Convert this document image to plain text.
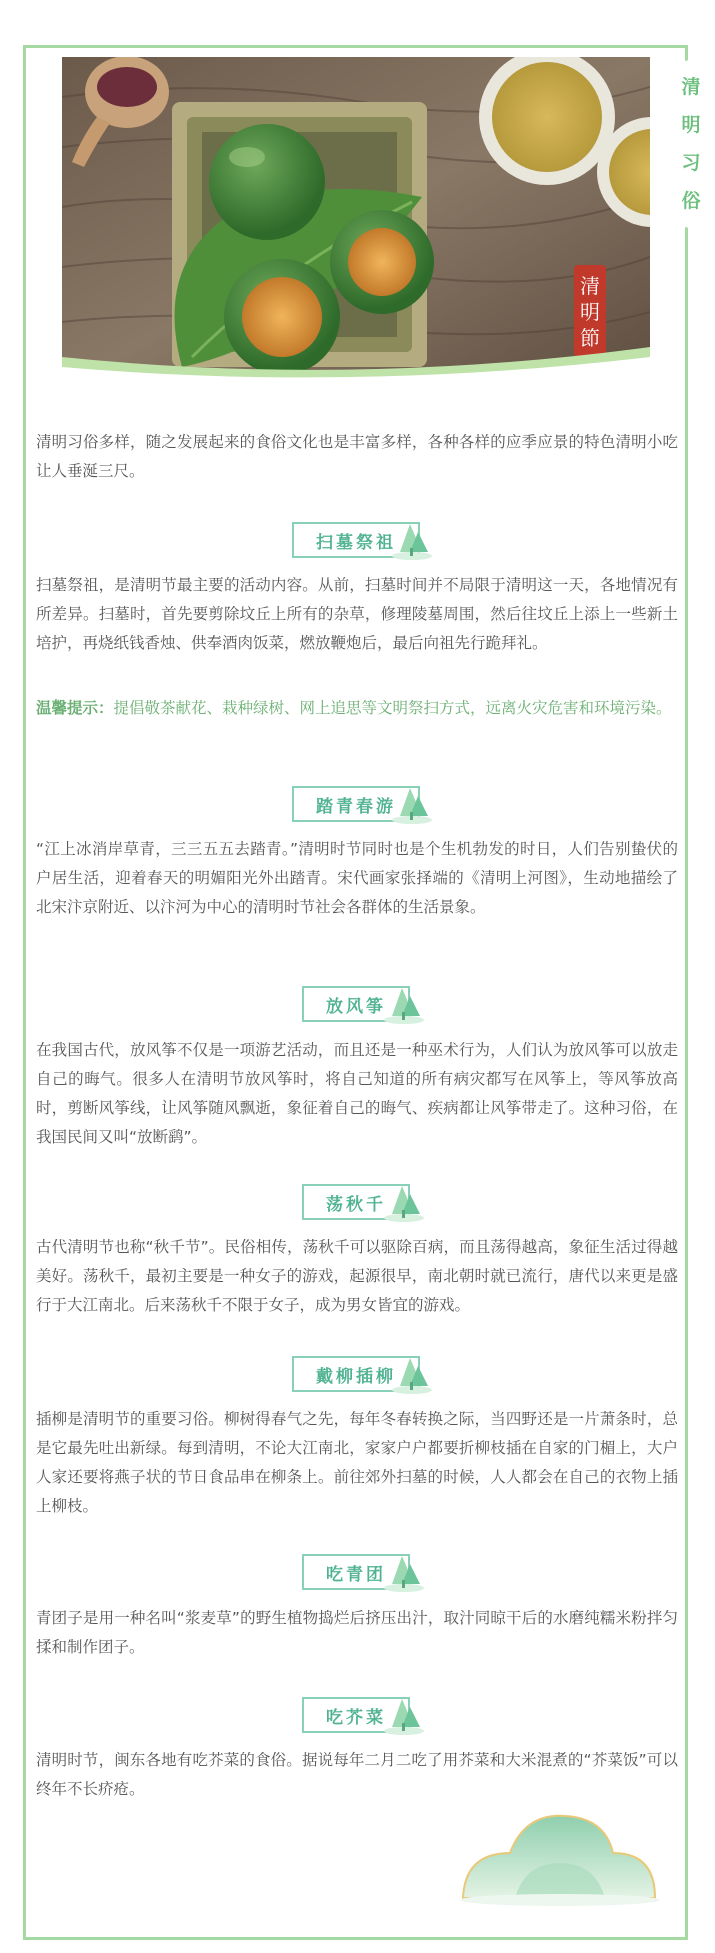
清
明
习
俗
清明節

清明习俗多样，随之发展起来的食俗文化也是丰富多样，各种各样的应季应景的特色清明小吃让人垂涎三尺。

扫墓祭祖

扫墓祭祖，是清明节最主要的活动内容。从前，扫墓时间并不局限于清明这一天，各地情况有所差异。扫墓时，首先要剪除坟丘上所有的杂草，修理陵墓周围，然后往坟丘上添上一些新土培护，再烧纸钱香烛、供奉酒肉饭菜，燃放鞭炮后，最后向祖先行跪拜礼。

温馨提示：提倡敬茶献花、栽种绿树、网上追思等文明祭扫方式，远离火灾危害和环境污染。

踏青春游

“江上冰消岸草青，三三五五去踏青。”清明时节同时也是个生机勃发的时日，人们告别蛰伏的户居生活，迎着春天的明媚阳光外出踏青。宋代画家张择端的《清明上河图》，生动地描绘了北宋汴京附近、以汴河为中心的清明时节社会各群体的生活景象。

放风筝

在我国古代，放风筝不仅是一项游艺活动，而且还是一种巫术行为，人们认为放风筝可以放走自己的晦气。很多人在清明节放风筝时，将自己知道的所有病灾都写在风筝上，等风筝放高时，剪断风筝线，让风筝随风飘逝，象征着自己的晦气、疾病都让风筝带走了。这种习俗，在我国民间又叫“放断鹞”。

荡秋千

古代清明节也称“秋千节”。民俗相传，荡秋千可以驱除百病，而且荡得越高，象征生活过得越美好。荡秋千，最初主要是一种女子的游戏，起源很早，南北朝时就已流行，唐代以来更是盛行于大江南北。后来荡秋千不限于女子，成为男女皆宜的游戏。

戴柳插柳

插柳是清明节的重要习俗。柳树得春气之先，每年冬春转换之际，当四野还是一片萧条时，总是它最先吐出新绿。每到清明，不论大江南北，家家户户都要折柳枝插在自家的门楣上，大户人家还要将燕子状的节日食品串在柳条上。前往郊外扫墓的时候，人人都会在自己的衣物上插上柳枝。

吃青团

青团子是用一种名叫“浆麦草”的野生植物捣烂后挤压出汁，取汁同晾干后的水磨纯糯米粉拌匀揉和制作团子。

吃芥菜

清明时节，闽东各地有吃芥菜的食俗。据说每年二月二吃了用芥菜和大米混煮的“芥菜饭”可以终年不长疥疮。
